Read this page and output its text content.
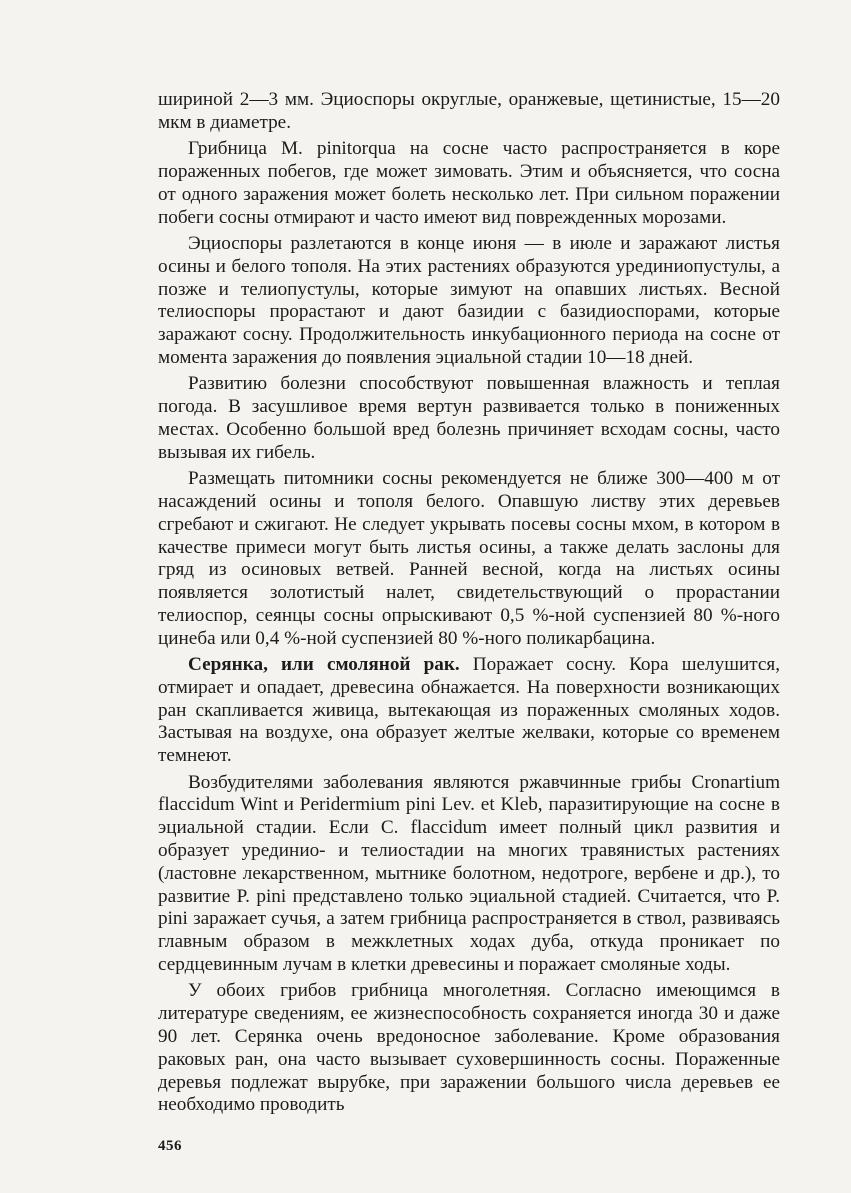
шириной 2—3 мм. Эциоспоры округлые, оранжевые, щетинистые, 15—20 мкм в диаметре.

Грибница M. pinitorqua на сосне часто распространяется в коре пораженных побегов, где может зимовать. Этим и объясняется, что сосна от одного заражения может болеть несколько лет. При сильном поражении побеги сосны отмирают и часто имеют вид поврежденных морозами.

Эциоспоры разлетаются в конце июня — в июле и заражают листья осины и белого тополя. На этих растениях образуются урединиопустулы, а позже и телиопустулы, которые зимуют на опавших листьях. Весной телиоспоры прорастают и дают базидии с базидиоспорами, которые заражают сосну. Продолжительность инкубационного периода на сосне от момента заражения до появления эциальной стадии 10—18 дней.

Развитию болезни способствуют повышенная влажность и теплая погода. В засушливое время вертун развивается только в пониженных местах. Особенно большой вред болезнь причиняет всходам сосны, часто вызывая их гибель.

Размещать питомники сосны рекомендуется не ближе 300—400 м от насаждений осины и тополя белого. Опавшую листву этих деревьев сгребают и сжигают. Не следует укрывать посевы сосны мхом, в котором в качестве примеси могут быть листья осины, а также делать заслоны для гряд из осиновых ветвей. Ранней весной, когда на листьях осины появляется золотистый налет, свидетельствующий о прорастании телиоспор, сеянцы сосны опрыскивают 0,5 %-ной суспензией 80 %-ного цинеба или 0,4 %-ной суспензией 80 %-ного поликарбацина.

Серянка, или смоляной рак. Поражает сосну. Кора шелушится, отмирает и опадает, древесина обнажается. На поверхности возникающих ран скапливается живица, вытекающая из пораженных смоляных ходов. Застывая на воздухе, она образует желтые желваки, которые со временем темнеют.

Возбудителями заболевания являются ржавчинные грибы Cronartium flaccidum Wint и Peridermium pini Lev. et Kleb, паразитирующие на сосне в эциальной стадии. Если C. flaccidum имеет полный цикл развития и образует урединио- и телиостадии на многих травянистых растениях (ластовне лекарственном, мытнике болотном, недотроге, вербене и др.), то развитие P. pini представлено только эциальной стадией. Считается, что P. pini заражает сучья, а затем грибница распространяется в ствол, развиваясь главным образом в межклетных ходах дуба, откуда проникает по сердцевинным лучам в клетки древесины и поражает смоляные ходы.

У обоих грибов грибница многолетняя. Согласно имеющимся в литературе сведениям, ее жизнеспособность сохраняется иногда 30 и даже 90 лет. Серянка очень вредоносное заболевание. Кроме образования раковых ран, она часто вызывает суховершинность сосны. Пораженные деревья подлежат вырубке, при заражении большого числа деревьев ее необходимо проводить

456
